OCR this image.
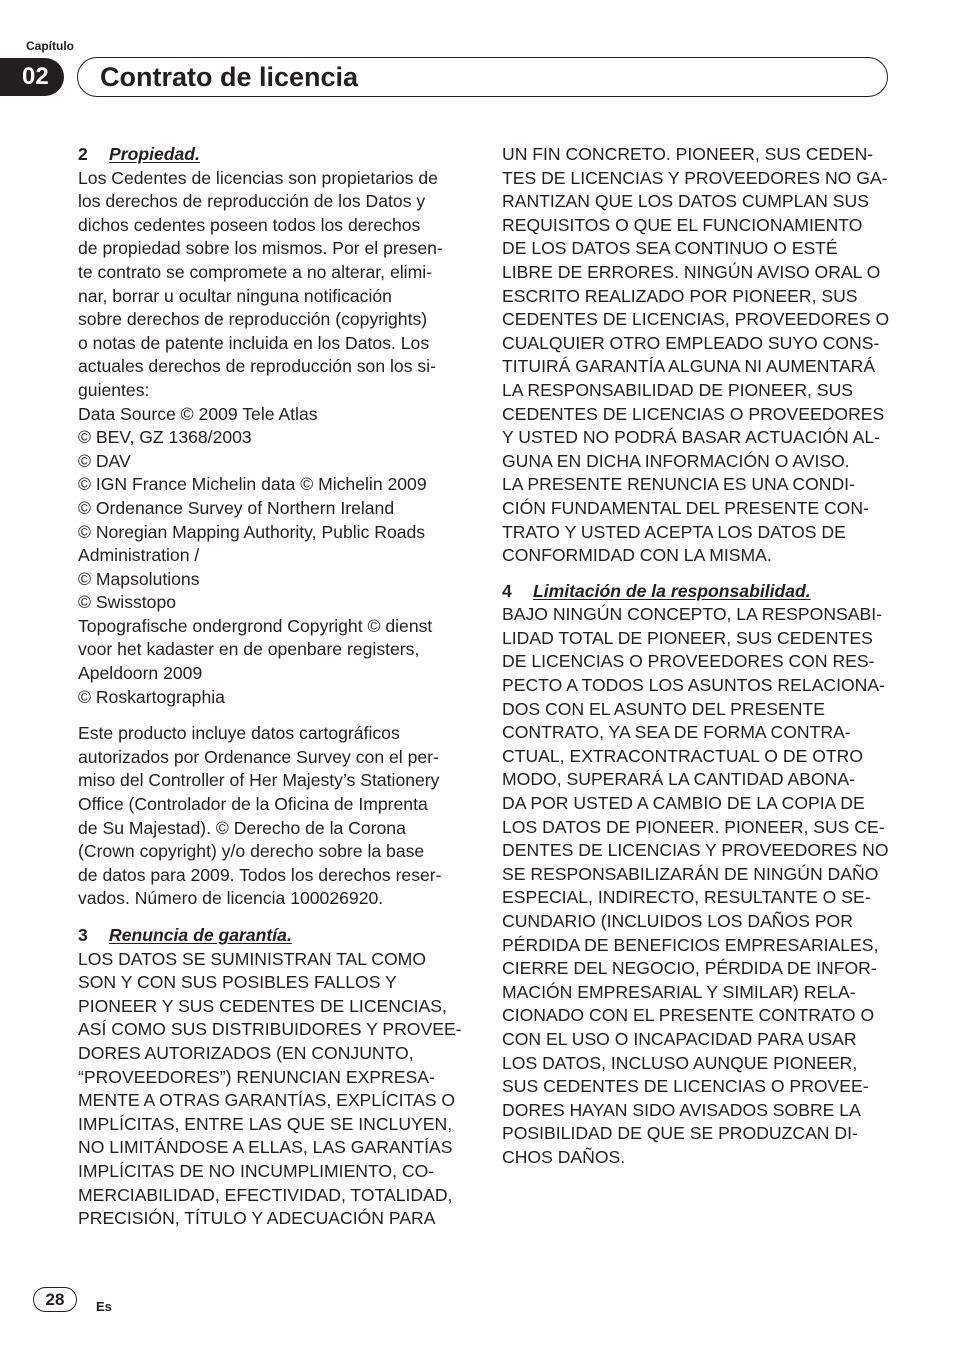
Capítulo
02	Contrato de licencia
2 Propiedad.
Los Cedentes de licencias son propietarios de
los derechos de reproducción de los Datos y
dichos cedentes poseen todos los derechos
de propiedad sobre los mismos. Por el presen-
te contrato se compromete a no alterar, elimi-
nar, borrar u ocultar ninguna notificación
sobre derechos de reproducción (copyrights)
o notas de patente incluida en los Datos. Los
actuales derechos de reproducción son los si-
guientes:
Data Source © 2009 Tele Atlas
© BEV, GZ 1368/2003
© DAV
© IGN France Michelin data © Michelin 2009
© Ordenance Survey of Northern Ireland
© Noregian Mapping Authority, Public Roads
Administration /
© Mapsolutions
© Swisstopo
Topografische ondergrond Copyright © dienst
voor het kadaster en de openbare registers,
Apeldoorn 2009
© Roskartographia
Este producto incluye datos cartográficos
autorizados por Ordenance Survey con el per-
miso del Controller of Her Majesty’s Stationery
Office (Controlador de la Oficina de Imprenta
de Su Majestad). © Derecho de la Corona
(Crown copyright) y/o derecho sobre la base
de datos para 2009. Todos los derechos reser-
vados. Número de licencia 100026920.
3 Renuncia de garantía.
LOS DATOS SE SUMINISTRAN TAL COMO
SON Y CON SUS POSIBLES FALLOS Y
PIONEER Y SUS CEDENTES DE LICENCIAS,
ASÍ COMO SUS DISTRIBUIDORES Y PROVEE-
DORES AUTORIZADOS (EN CONJUNTO,
“PROVEEDORES”) RENUNCIAN EXPRESA-
MENTE A OTRAS GARANTÍAS, EXPLÍCITAS O
IMPLÍCITAS, ENTRE LAS QUE SE INCLUYEN,
NO LIMITÁNDOSE A ELLAS, LAS GARANTÍAS
IMPLÍCITAS DE NO INCUMPLIMIENTO, CO-
MERCIABILIDAD, EFECTIVIDAD, TOTALIDAD,
PRECISIÓN, TÍTULO Y ADECUACIÓN PARA
UN FIN CONCRETO. PIONEER, SUS CEDEN-
TES DE LICENCIAS Y PROVEEDORES NO GA-
RANTIZAN QUE LOS DATOS CUMPLAN SUS
REQUISITOS O QUE EL FUNCIONAMIENTO
DE LOS DATOS SEA CONTINUO O ESTÉ
LIBRE DE ERRORES. NINGÚN AVISO ORAL O
ESCRITO REALIZADO POR PIONEER, SUS
CEDENTES DE LICENCIAS, PROVEEDORES O
CUALQUIER OTRO EMPLEADO SUYO CONS-
TITUIRÁ GARANTÍA ALGUNA NI AUMENTARÁ
LA RESPONSABILIDAD DE PIONEER, SUS
CEDENTES DE LICENCIAS O PROVEEDORES
Y USTED NO PODRÁ BASAR ACTUACIÓN AL-
GUNA EN DICHA INFORMACIÓN O AVISO.
LA PRESENTE RENUNCIA ES UNA CONDI-
CIÓN FUNDAMENTAL DEL PRESENTE CON-
TRATO Y USTED ACEPTA LOS DATOS DE
CONFORMIDAD CON LA MISMA.
4 Limitación de la responsabilidad.
BAJO NINGÚN CONCEPTO, LA RESPONSABI-
LIDAD TOTAL DE PIONEER, SUS CEDENTES
DE LICENCIAS O PROVEEDORES CON RES-
PECTO A TODOS LOS ASUNTOS RELACIONA-
DOS CON EL ASUNTO DEL PRESENTE
CONTRATO, YA SEA DE FORMA CONTRA-
CTUAL, EXTRACONTRACTUAL O DE OTRO
MODO, SUPERARÁ LA CANTIDAD ABONA-
DA POR USTED A CAMBIO DE LA COPIA DE
LOS DATOS DE PIONEER. PIONEER, SUS CE-
DENTES DE LICENCIAS Y PROVEEDORES NO
SE RESPONSABILIZARÁN DE NINGÚN DAÑO
ESPECIAL, INDIRECTO, RESULTANTE O SE-
CUNDARIO (INCLUIDOS LOS DAÑOS POR
PÉRDIDA DE BENEFICIOS EMPRESARIALES,
CIERRE DEL NEGOCIO, PÉRDIDA DE INFOR-
MACIÓN EMPRESARIAL Y SIMILAR) RELA-
CIONADO CON EL PRESENTE CONTRATO O
CON EL USO O INCAPACIDAD PARA USAR
LOS DATOS, INCLUSO AUNQUE PIONEER,
SUS CEDENTES DE LICENCIAS O PROVEE-
DORES HAYAN SIDO AVISADOS SOBRE LA
POSIBILIDAD DE QUE SE PRODUZCAN DI-
CHOS DAÑOS.
28	Es
